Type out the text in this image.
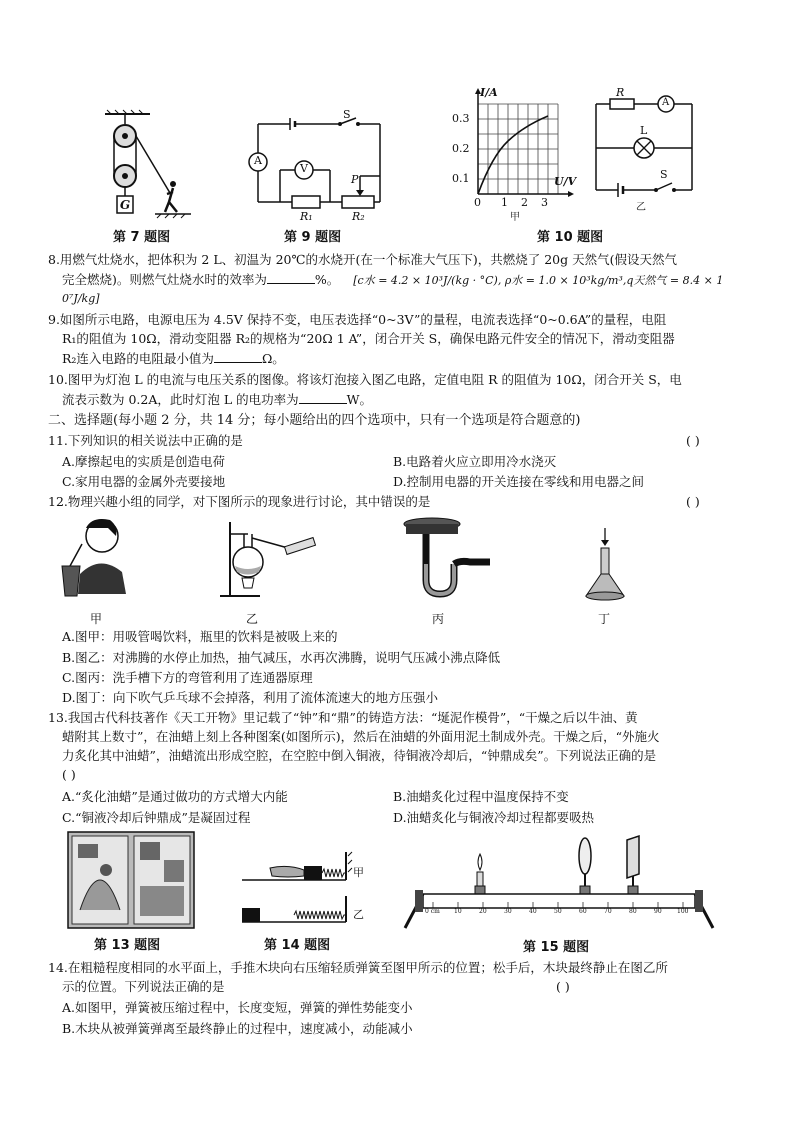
G
第 7 题图
A
V
S
P
R₁	R₂
第 9 题图
I/A
U/V
0.3
0.2
0.1
0 1 2 3
甲
R
A
L
S
乙
第 10 题图
8.用燃气灶烧水，把体积为 2 L、初温为 20℃的水烧开(在一个标准大气压下)，共燃烧了 20g 天然气(假设天然气
完全燃烧)。则燃气灶烧水时的效率为	%。 [c水 = 4.2 × 10³J/(kg · °C), ρ水 = 1.0 × 10³kg/m³,q天然气 = 8.4 × 1
0⁷J/kg]
9.如图所示电路，电源电压为 4.5V 保持不变，电压表选择“0~3V”的量程，电流表选择“0~0.6A”的量程，电阻
R₁的阻值为 10Ω，滑动变阻器 R₂的规格为“20Ω 1 A”，闭合开关 S，确保电路元件安全的情况下，滑动变阻器
R₂连入电路的电阻最小值为	Ω。
10.图甲为灯泡 L 的电流与电压关系的图像。将该灯泡接入图乙电路，定值电阻 R 的阻值为 10Ω，闭合开关 S，电
流表示数为 0.2A，此时灯泡 L 的电功率为	W。
二、选择题(每小题 2 分，共 14 分；每小题给出的四个选项中，只有一个选项是符合题意的)
11.下列知识的相关说法中正确的是	( )
A.摩擦起电的实质是创造电荷	B.电路着火应立即用冷水浇灭
C.家用电器的金属外壳要接地	D.控制用电器的开关连接在零线和用电器之间
12.物理兴趣小组的同学，对下图所示的现象进行讨论，其中错误的是	( )
甲	乙	丙	丁
A.图甲：用吸管喝饮料，瓶里的饮料是被吸上来的
B.图乙：对沸腾的水停止加热，抽气减压，水再次沸腾，说明气压减小沸点降低
C.图丙：洗手槽下方的弯管利用了连通器原理
D.图丁：向下吹气乒乓球不会掉落，利用了流体流速大的地方压强小
13.我国古代科技著作《天工开物》里记载了“钟”和“鼎”的铸造方法：“埏泥作模骨”，“干燥之后以牛油、黄
蜡附其上数寸”，在油蜡上刻上各种图案(如图所示)，然后在油蜡的外面用泥土制成外壳。干燥之后，“外施火
力炙化其中油蜡”，油蜡流出形成空腔，在空腔中倒入铜液，待铜液冷却后，“钟鼎成矣”。下列说法正确的是
( )
A.“炙化油蜡”是通过做功的方式增大内能	B.油蜡炙化过程中温度保持不变
C.“铜液冷却后钟鼎成”是凝固过程	D.油蜡炙化与铜液冷却过程都要吸热
第 13 题图
甲
乙
第 14 题图
0 cm 10	20	30	40	50	60	70	80	90	100
第 15 题图
14.在粗糙程度相同的水平面上，手推木块向右压缩轻质弹簧至图甲所示的位置；松手后，木块最终静止在图乙所
示的位置。下列说法正确的是	( )
A.如图甲，弹簧被压缩过程中，长度变短，弹簧的弹性势能变小
B.木块从被弹簧弹离至最终静止的过程中，速度减小，动能减小
